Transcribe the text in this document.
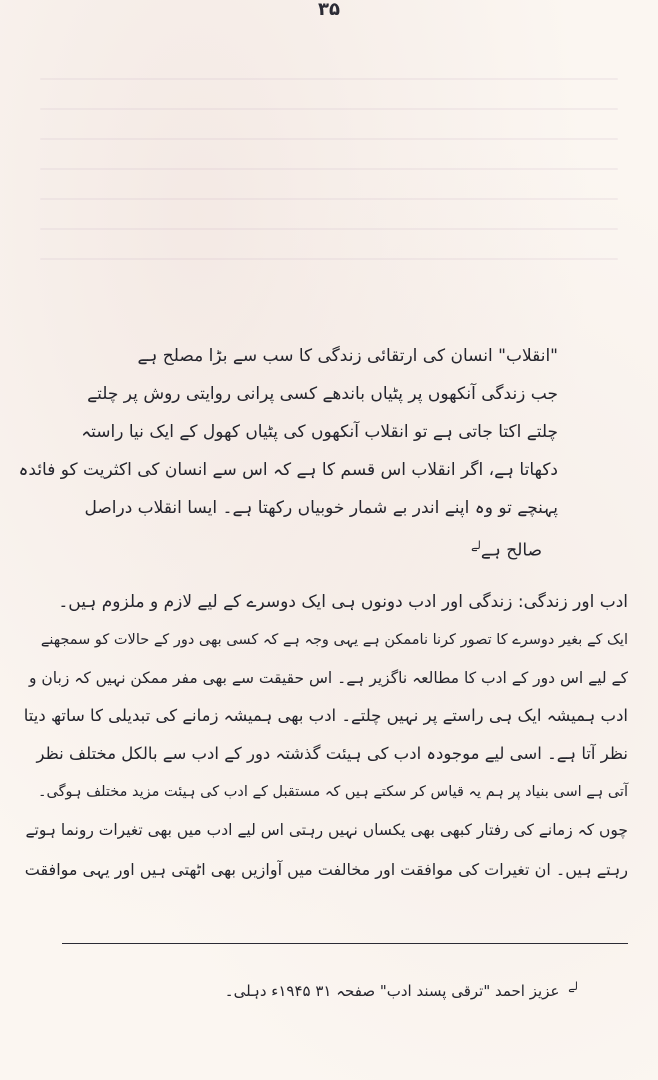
۳۵
"انقلاب" انسان کی ارتقائی زندگی کا سب سے بڑا مصلح ہے
جب زندگی آنکھوں پر پٹیاں باندھے کسی پرانی روایتی روش پر چلتے
چلتے اکتا جاتی ہے تو انقلاب آنکھوں کی پٹیاں کھول کے ایک نیا راستہ
دکھاتا ہے، اگر انقلاب اس قسم کا ہے کہ اس سے انسان کی اکثریت کو فائدہ
پہنچے تو وہ اپنے اندر بے شمار خوبیاں رکھتا ہے۔ ایسا انقلاب دراصل
صالح ہے$^{لے}$
ادب اور زندگی: زندگی اور ادب دونوں ہی ایک دوسرے کے لیے لازم و ملزوم ہیں۔
ایک کے بغیر دوسرے کا تصور کرنا ناممکن ہے یہی وجہ ہے کہ کسی بھی دور کے حالات کو سمجھنے
کے لیے اس دور کے ادب کا مطالعہ ناگزیر ہے۔ اس حقیقت سے بھی مفر ممکن نہیں کہ زبان و
ادب ہمیشہ ایک ہی راستے پر نہیں چلتے۔ ادب بھی ہمیشہ زمانے کی تبدیلی کا ساتھ دیتا
نظر آتا ہے۔ اسی لیے موجودہ ادب کی ہیئت گذشتہ دور کے ادب سے بالکل مختلف نظر
آتی ہے اسی بنیاد پر ہم یہ قیاس کر سکتے ہیں کہ مستقبل کے ادب کی ہیئت مزید مختلف ہوگی۔
چوں کہ زمانے کی رفتار کبھی بھی یکساں نہیں رہتی اس لیے ادب میں بھی تغیرات رونما ہوتے
رہتے ہیں۔ ان تغیرات کی موافقت اور مخالفت میں آوازیں بھی اٹھتی ہیں اور یہی موافقت
$^{لے}$ عزیز احمد "ترقی پسند ادب" صفحہ ۳۱ ۱۹۴۵ء دہلی۔
